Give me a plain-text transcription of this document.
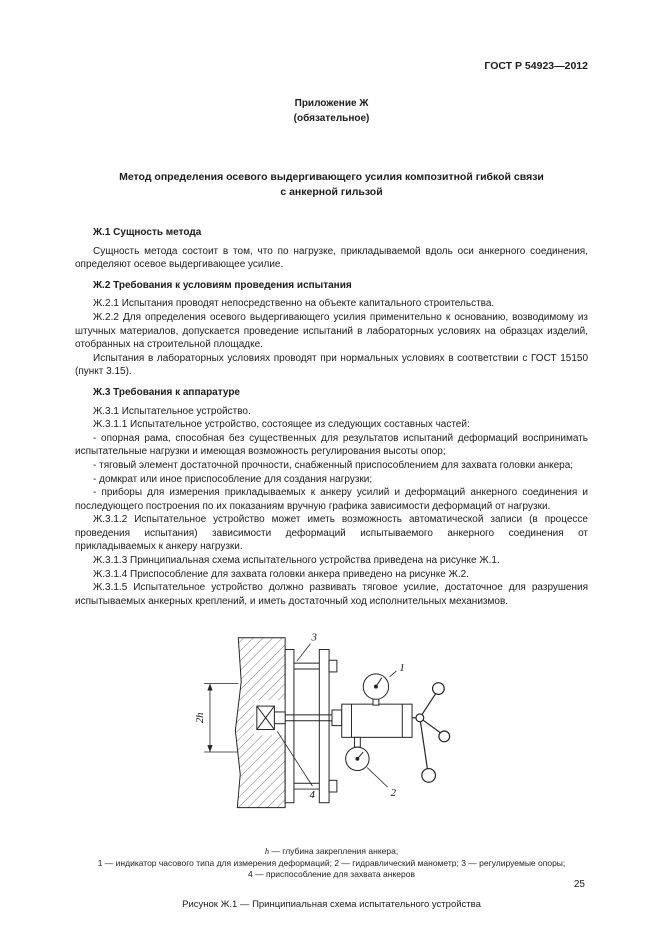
ГОСТ Р 54923—2012
Приложение Ж
(обязательное)
Метод определения осевого выдергивающего усилия композитной гибкой связи
с анкерной гильзой

Ж.1 Сущность метода

Сущность метода состоит в том, что по нагрузке, прикладываемой вдоль оси анкерного соединения, определяют осевое выдергивающее усилие.

Ж.2 Требования к условиям проведения испытания

Ж.2.1 Испытания проводят непосредственно на объекте капитального строительства.

Ж.2.2 Для определения осевого выдергивающего усилия применительно к основанию, возводимому из штучных материалов, допускается проведение испытаний в лабораторных условиях на образцах изделий, отобранных на строительной площадке.

Испытания в лабораторных условиях проводят при нормальных условиях в соответствии с ГОСТ 15150 (пункт 3.15).

Ж.3 Требования к аппаратуре

Ж.3.1 Испытательное устройство.

Ж.3.1.1 Испытательное устройство, состоящее из следующих составных частей:

- опорная рама, способная без существенных для результатов испытаний деформаций воспринимать испытательные нагрузки и имеющая возможность регулирования высоты опор;

- тяговый элемент достаточной прочности, снабженный приспособлением для захвата головки анкера;

- домкрат или иное приспособление для создания нагрузки;

- приборы для измерения прикладываемых к анкеру усилий и деформаций анкерного соединения и последующего построения по их показаниям вручную графика зависимости деформаций от нагрузки.

Ж.3.1.2 Испытательное устройство может иметь возможность автоматической записи (в процессе проведения испытания) зависимости деформаций испытываемого анкерного соединения от прикладываемых к анкеру нагрузки.

Ж.3.1.3 Принципиальная схема испытательного устройства приведена на рисунке Ж.1.

Ж.3.1.4 Приспособление для захвата головки анкера приведено на рисунке Ж.2.

Ж.3.1.5 Испытательное устройство должно развивать тяговое усилие, достаточное для разрушения испытываемых анкерных креплений, и иметь достаточный ход исполнительных механизмов.

2h
1
2
3
4
h — глубина закрепления анкера;
1 — индикатор часового типа для измерения деформаций; 2 — гидравлический манометр; 3 — регулируемые опоры;
4 — приспособление для захвата анкеров
Рисунок Ж.1 — Принципиальная схема испытательного устройства
25
